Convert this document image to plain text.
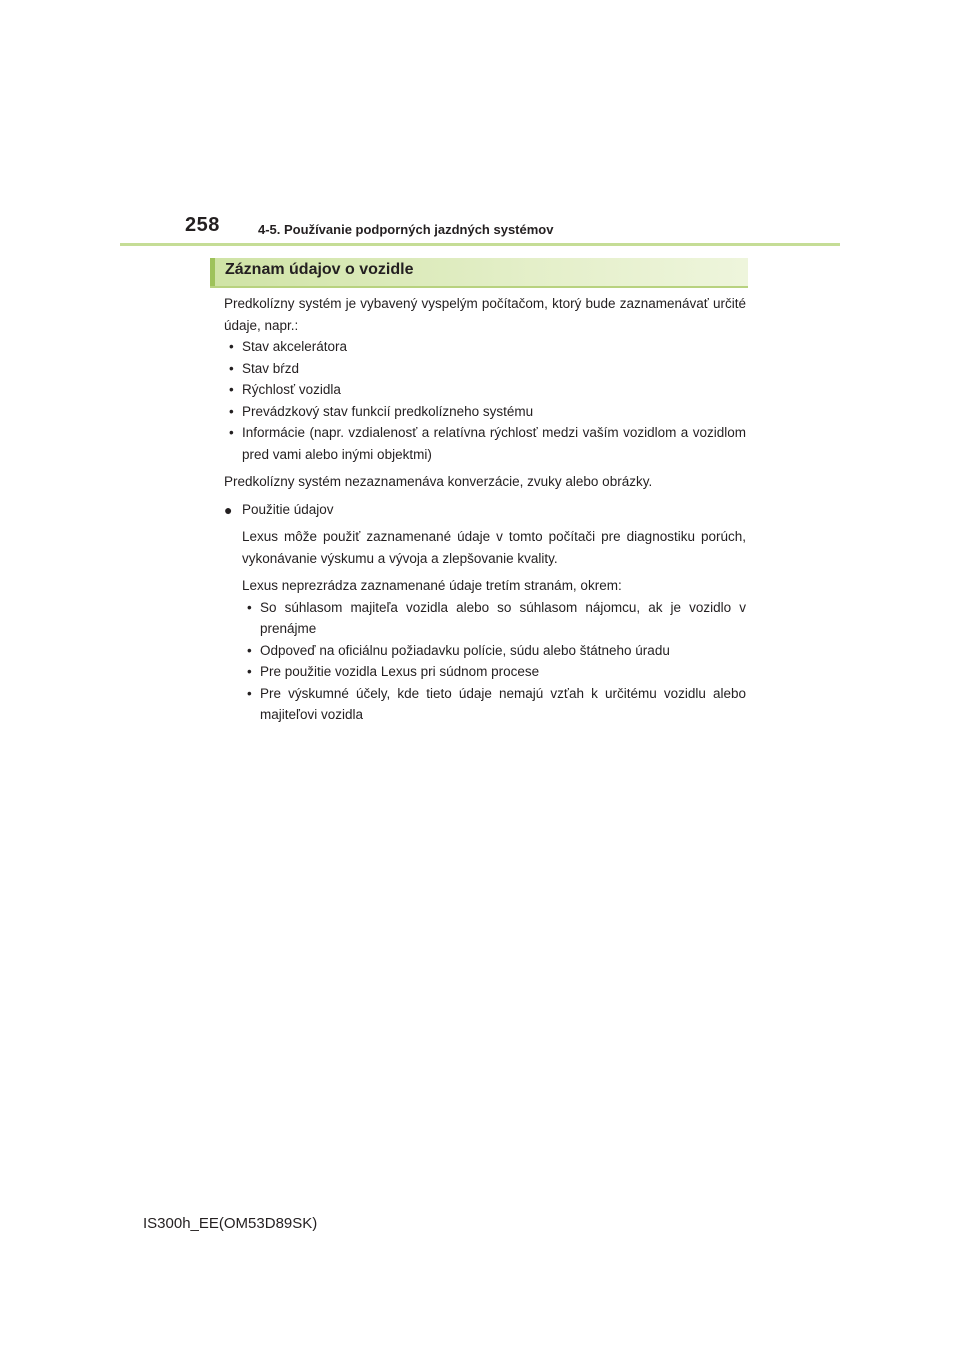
258	4-5. Používanie podporných jazdných systémov
Záznam údajov o vozidle

Predkolízny systém je vybavený vyspelým počítačom, ktorý bude zaznamenávať určité údaje, napr.:

• Stav akcelerátora
• Stav bŕzd
• Rýchlosť vozidla
• Prevádzkový stav funkcií predkolízneho systému
• Informácie (napr. vzdialenosť a relatívna rýchlosť medzi vaším vozidlom a vozidlom pred vami alebo inými objektmi)

Predkolízny systém nezaznamenáva konverzácie, zvuky alebo obrázky.

● Použitie údajov

Lexus môže použiť zaznamenané údaje v tomto počítači pre diagnostiku porúch, vykonávanie výskumu a vývoja a zlepšovanie kvality.

Lexus neprezrádza zaznamenané údaje tretím stranám, okrem:

• So súhlasom majiteľa vozidla alebo so súhlasom nájomcu, ak je vozidlo v prenájme
• Odpoveď na oficiálnu požiadavku polície, súdu alebo štátneho úradu
• Pre použitie vozidla Lexus pri súdnom procese
• Pre výskumné účely, kde tieto údaje nemajú vzťah k určitému vozidlu alebo majiteľovi vozidla
IS300h_EE(OM53D89SK)
